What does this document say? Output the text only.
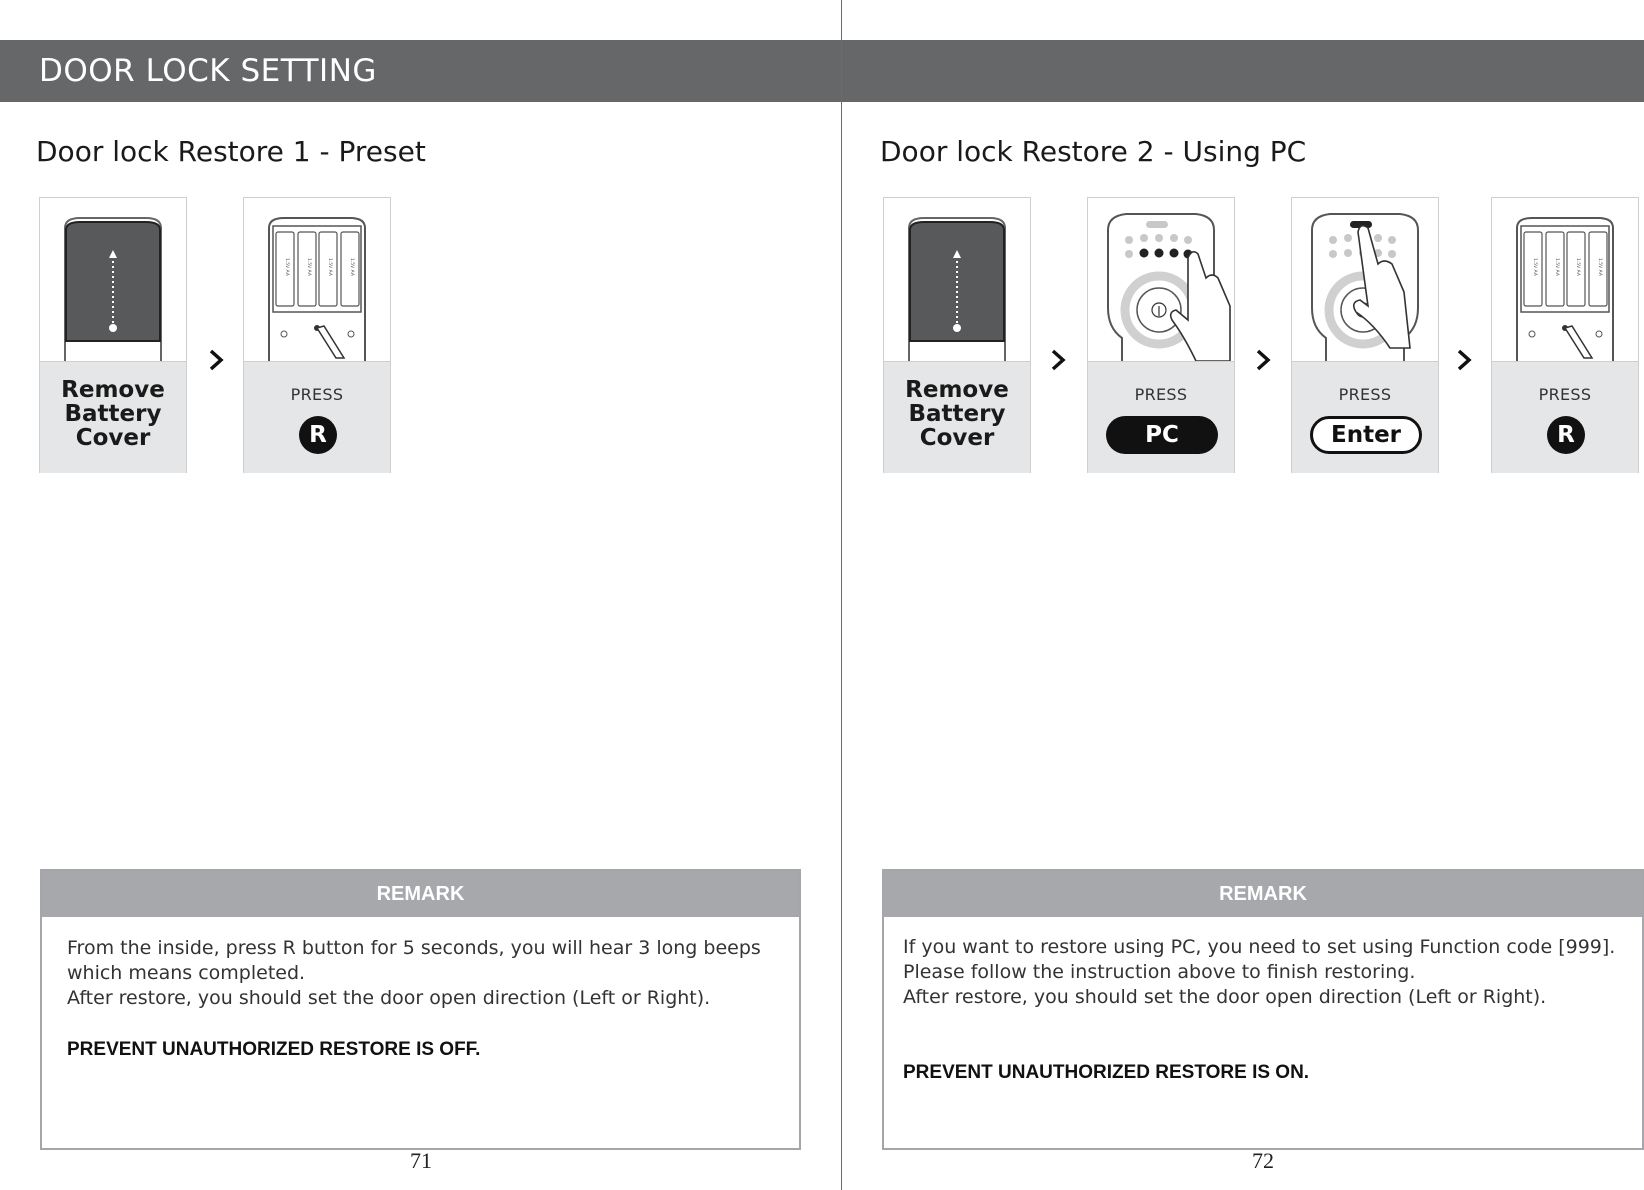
DOOR LOCK SETTING
Door lock Restore 1 - Preset
Remove
Battery
Cover
1.5V AA	1.5V AA	1.5V AA	1.5V AA
PRESS
R
Door lock Restore 2 - Using PC
Remove
Battery
Cover
PRESS
PC
PRESS
Enter
1.5V AA	1.5V AA	1.5V AA	1.5V AA
PRESS
R
REMARK
From the inside, press R button for 5 seconds, you will hear 3 long beeps
which means completed.
After restore, you should set the door open direction (Left or Right).
PREVENT UNAUTHORIZED RESTORE IS OFF.
REMARK
If you want to restore using PC, you need to set using Function code [999].
Please follow the instruction above to finish restoring.
After restore, you should set the door open direction (Left or Right).
PREVENT UNAUTHORIZED RESTORE IS ON.
71	72
